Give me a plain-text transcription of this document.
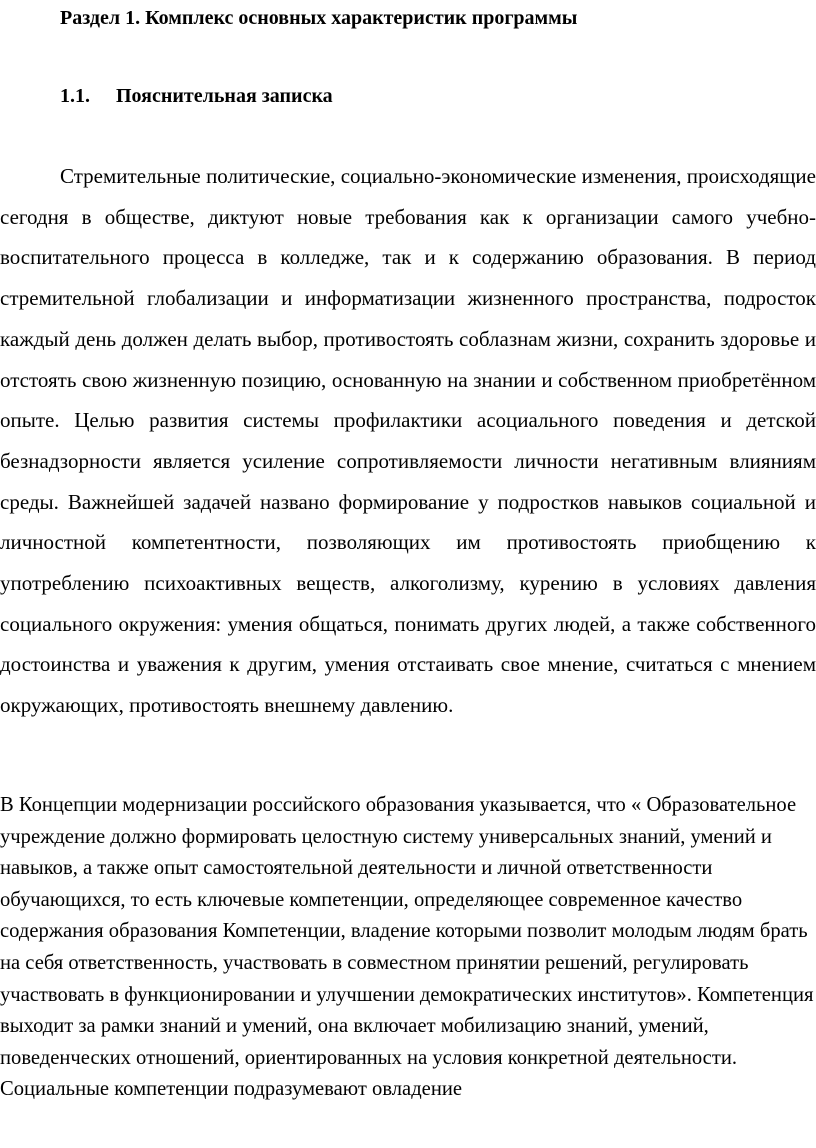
Раздел 1. Комплекс основных характеристик программы
1.1. Пояснительная записка

Стремительные политические, социально-экономические изменения, происходящие сегодня в обществе, диктуют новые требования как к организации самого учебно-воспитательного процесса в колледже, так и к содержанию образования. В период стремительной глобализации и информатизации жизненного пространства, подросток каждый день должен делать выбор, противостоять соблазнам жизни, сохранить здоровье и отстоять свою жизненную позицию, основанную на знании и собственном приобретённом опыте. Целью развития системы профилактики асоциального поведения и детской безнадзорности является усиление сопротивляемости личности негативным влияниям среды. Важнейшей задачей названо формирование у подростков навыков социальной и личностной компетентности, позволяющих им противостоять приобщению к употреблению психоактивных веществ, алкоголизму, курению в условиях давления социального окружения: умения общаться, понимать других людей, а также собственного достоинства и уважения к другим, умения отстаивать свое мнение, считаться с мнением окружающих, противостоять внешнему давлению.

В Концепции модернизации российского образования указывается, что « Образовательное учреждение должно формировать целостную систему универсальных знаний, умений и навыков, а также опыт самостоятельной деятельности и личной ответственности обучающихся, то есть ключевые компетенции, определяющее современное качество содержания образования Компетенции, владение которыми позволит молодым людям брать на себя ответственность, участвовать в совместном принятии решений, регулировать участвовать в функционировании и улучшении демократических институтов». Компетенция выходит за рамки знаний и умений, она включает мобилизацию знаний, умений, поведенческих отношений, ориентированных на условия конкретной деятельности. Социальные компетенции подразумевают овладение
